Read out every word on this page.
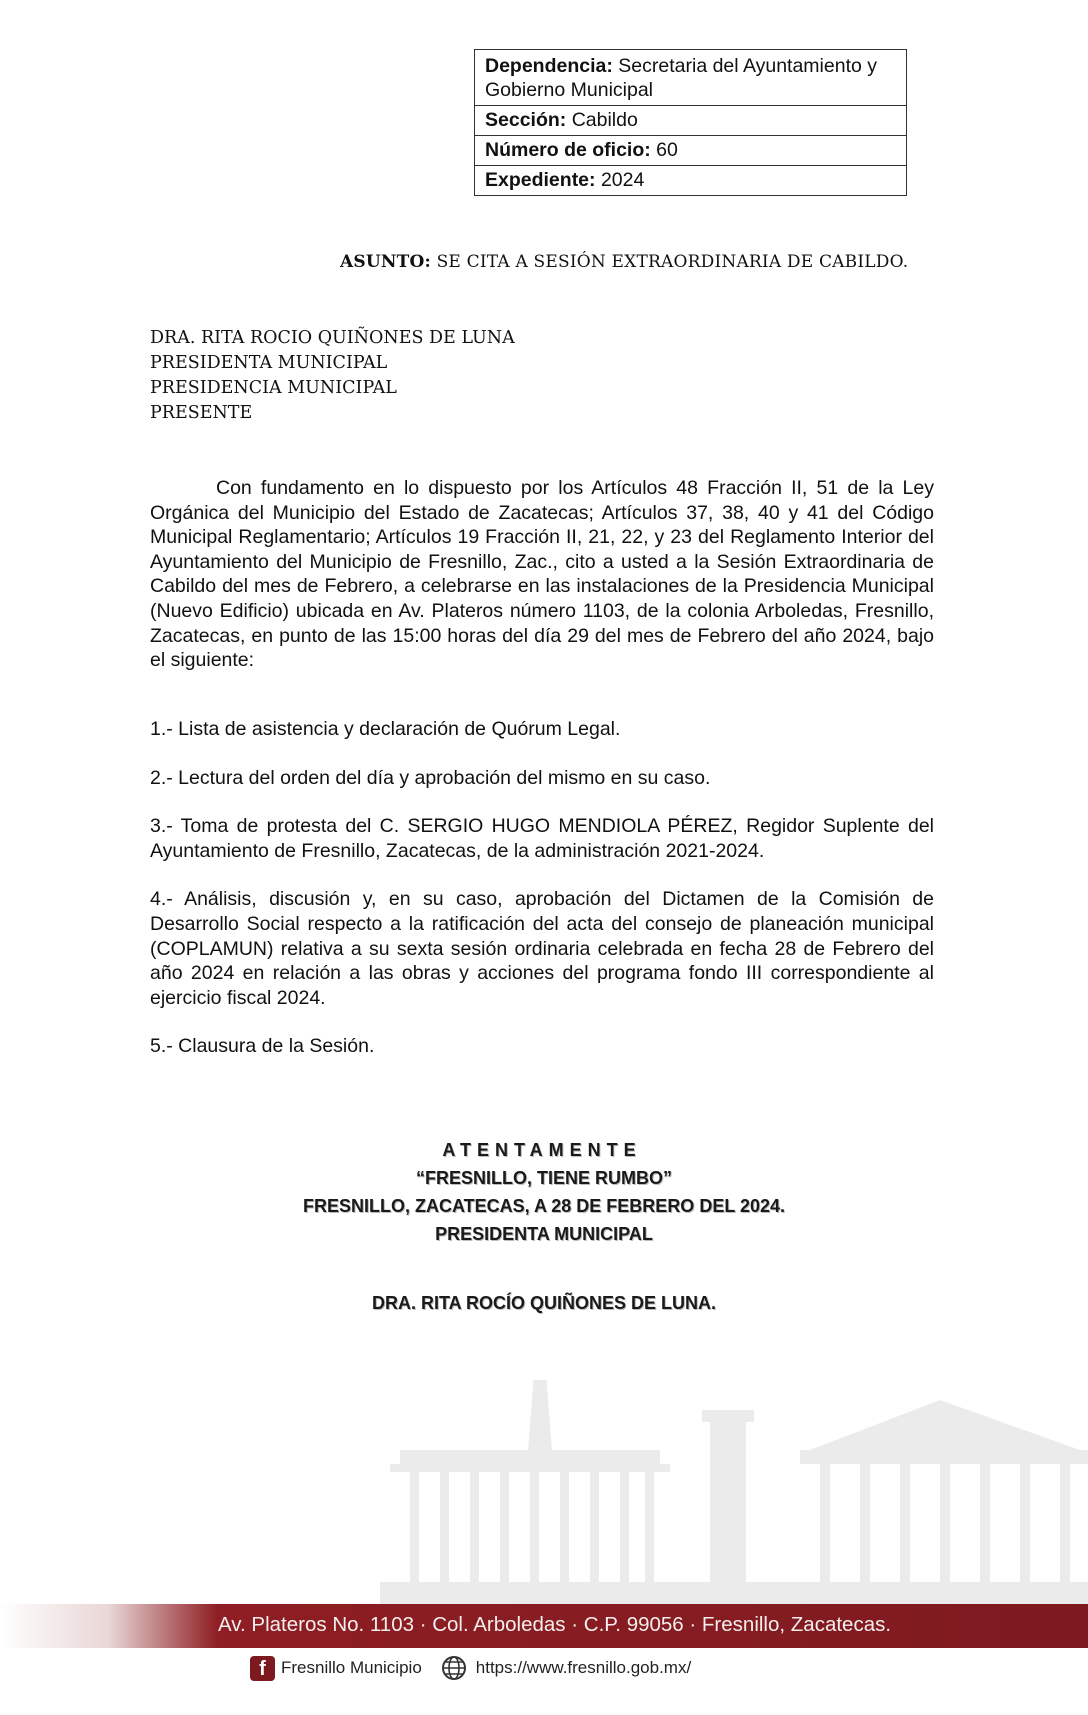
Dependencia: Secretaria del Ayuntamiento y Gobierno Municipal
Sección: Cabildo
Número de oficio: 60
Expediente: 2024
ASUNTO: SE CITA A SESIÓN EXTRAORDINARIA DE CABILDO.
DRA. RITA ROCIO QUIÑONES DE LUNA
PRESIDENTA MUNICIPAL
PRESIDENCIA MUNICIPAL
PRESENTE

Con fundamento en lo dispuesto por los Artículos 48 Fracción II, 51 de la Ley Orgánica del Municipio del Estado de Zacatecas; Artículos 37, 38, 40 y 41 del Código Municipal Reglamentario; Artículos 19 Fracción II, 21, 22, y 23 del Reglamento Interior del Ayuntamiento del Municipio de Fresnillo, Zac., cito a usted a la Sesión Extraordinaria de Cabildo del mes de Febrero, a celebrarse en las instalaciones de la Presidencia Municipal (Nuevo Edificio) ubicada en Av. Plateros número 1103, de la colonia Arboledas, Fresnillo, Zacatecas, en punto de las 15:00 horas del día 29 del mes de Febrero del año 2024, bajo el siguiente:

1.- Lista de asistencia y declaración de Quórum Legal.
2.- Lectura del orden del día y aprobación del mismo en su caso.
3.- Toma de protesta del C. SERGIO HUGO MENDIOLA PÉREZ, Regidor Suplente del Ayuntamiento de Fresnillo, Zacatecas, de la administración 2021-2024.
4.- Análisis, discusión y, en su caso, aprobación del Dictamen de la Comisión de Desarrollo Social respecto a la ratificación del acta del consejo de planeación municipal (COPLAMUN) relativa a su sexta sesión ordinaria celebrada en fecha 28 de Febrero del año 2024 en relación a las obras y acciones del programa fondo III correspondiente al ejercicio fiscal 2024.
5.- Clausura de la Sesión.
ATENTAMENTE
“FRESNILLO, TIENE RUMBO”
FRESNILLO, ZACATECAS, A 28 DE FEBRERO DEL 2024.
PRESIDENTA MUNICIPAL
DRA. RITA ROCÍO QUIÑONES DE LUNA.
Av. Plateros No. 1103 · Col. Arboledas · C.P. 99056 · Fresnillo, Zacatecas.
f Fresnillo Municipio	https://www.fresnillo.gob.mx/
